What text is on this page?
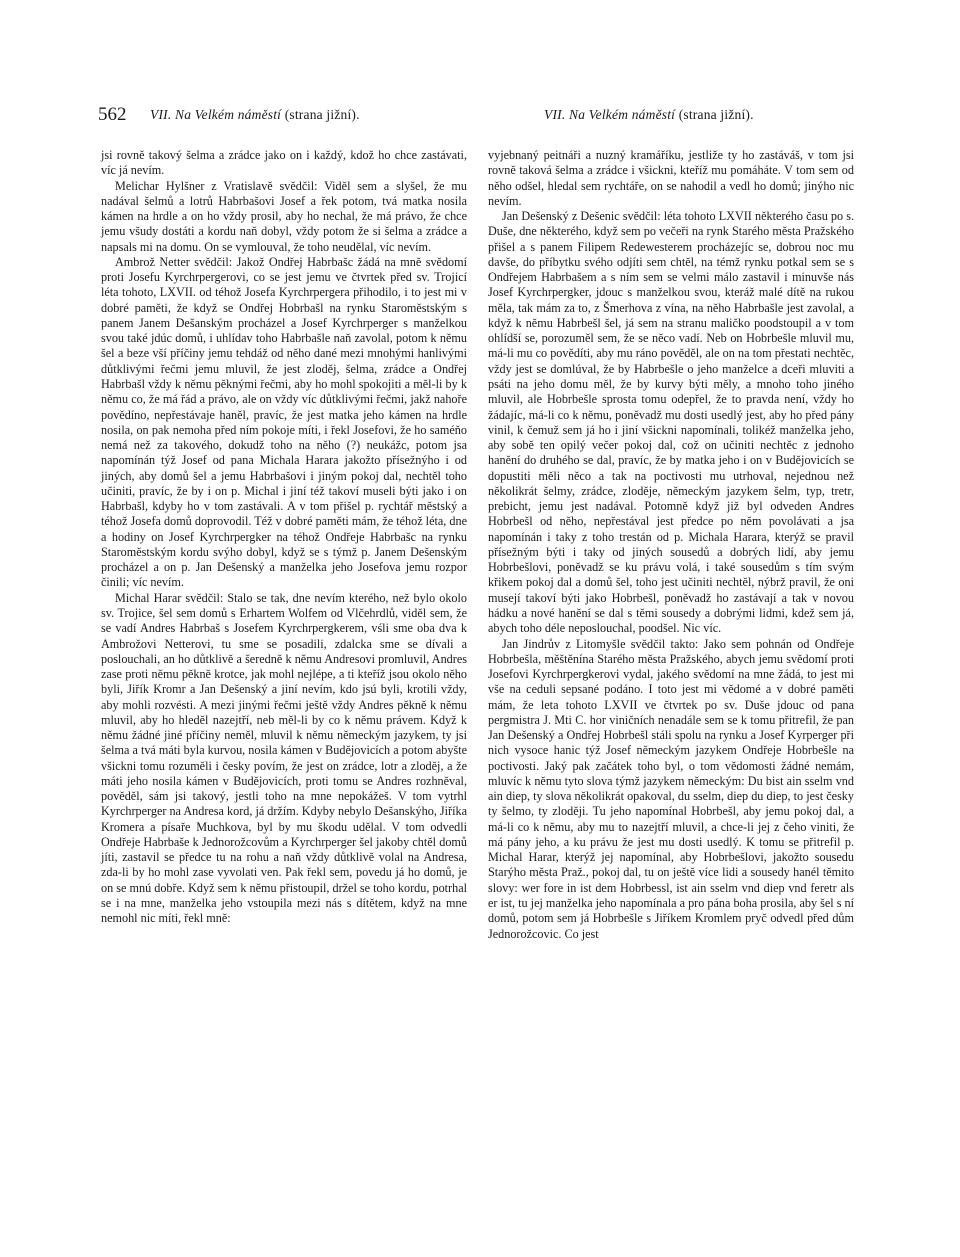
562 VII. Na Velkém náměstí (strana jižní).	VII. Na Velkém náměstí (strana jižní).

jsi rovně takový šelma a zrádce jako on i každý, kdož ho chce zastávati, víc já nevím.

Melichar Hylšner z Vratislavě svědčil: Viděl sem a slyšel, že mu nadával šelmů a lotrů Habrbašovi Josef a řek potom, tvá matka nosila kámen na hrdle a on ho vždy prosil, aby ho nechal, že má právo, že chce jemu všudy dostáti a kordu naň dobyl, vždy potom že si šelma a zrádce a napsals mi na domu. On se vymlouval, že toho neudělal, víc nevím.

Ambrož Netter svědčil: Jakož Ondřej Habrbašc žádá na mně svědomí proti Josefu Kyrchrpergerovi, co se jest jemu ve čtvrtek před sv. Trojicí léta tohoto, LXVII. od téhož Josefa Kyrchrpergera přihodilo, i to jest mi v dobré paměti, že když se Ondřej Hobrbašl na rynku Staroměstským s panem Janem Dešanským procházel a Josef Kyrchrperger s manželkou svou také jdúc domů, i uhlídav toho Habrbašle naň zavolal, potom k němu šel a beze vší příčiny jemu tehdáž od něho dané mezi mnohými hanlivými důtklivými řečmi jemu mluvil, že jest zloděj, šelma, zrádce a Ondřej Habrbašl vždy k němu pěknými řečmi, aby ho mohl spokojiti a měl-li by k němu co, že má řád a právo, ale on vždy víc důtklivými řečmi, jakž nahoře povědíno, nepřestávaje haněl, pravíc, že jest matka jeho kámen na hrdle nosila, on pak nemoha před ním pokoje míti, i řekl Josefovi, že ho saméňo nemá než za takového, dokudž toho na něho (?) neukážc, potom jsa napomínán týž Josef od pana Michala Harara jakožto přísežnýho i od jiných, aby domů šel a jemu Habrbašovi i jiným pokoj dal, nechtěl toho učiniti, pravíc, že by i on p. Michal i jiní též takoví museli býti jako i on Habrbašl, kdyby ho v tom zastávali. A v tom přišel p. rychtář městský a téhož Josefa domů doprovodil. Též v dobré paměti mám, že téhož léta, dne a hodiny on Josef Kyrchrpergker na téhož Ondřeje Habrbašc na rynku Staroměstským kordu svýho dobyl, když se s týmž p. Janem Dešenským procházel a on p. Jan Dešenský a manželka jeho Josefova jemu rozpor činili; víc nevím.

Michal Harar svědčil: Stalo se tak, dne nevím kterého, než bylo okolo sv. Trojice, šel sem domů s Erhartem Wolfem od Vlčehrdlů, viděl sem, že se vadí Andres Habrbaš s Josefem Kyrchrpergkerem, vśli sme oba dva k Ambrožovi Netterovi, tu sme se posadili, zdalcka sme se dívali a poslouchali, an ho důtklivě a šeredně k němu Andresovi promluvil, Andres zase proti němu pěkně krotce, jak mohl nejlépe, a ti kteříž jsou okolo něho byli, Jiřík Kromr a Jan Dešenský a jiní nevím, kdo jsú byli, krotili vždy, aby mohli rozvésti. A mezi jinými řečmi ještě vždy Andres pěkně k němu mluvil, aby ho hleděl nazejtří, neb měl-li by co k němu právem. Když k němu žádné jiné příčiny neměl, mluvil k němu německým jazykem, ty jsi šelma a tvá máti byla kurvou, nosila kámen v Budějovicích a potom abyšte všickni tomu rozuměli i česky povím, že jest on zrádce, lotr a zloděj, a že máti jeho nosila kámen v Budějovicích, proti tomu se Andres rozhněval, pověděl, sám jsi takový, jestli toho na mne nepokážeš. V tom vytrhl Kyrchrperger na Andresa kord, já držím. Kdyby nebylo Dešanskýho, Jiříka Kromera a písaře Muchkova, byl by mu škodu udělal. V tom odvedli Ondřeje Habrbaše k Jednorožcovům a Kyrchrperger šel jakoby chtěl domů jíti, zastavil se předce tu na rohu a naň vždy důtklivě volal na Andresa, zda-li by ho mohl zase vyvolati ven. Pak řekl sem, povedu já ho domů, je on se mnú dobře. Když sem k němu přistoupil, držel se toho kordu, potrhal se i na mne, manželka jeho vstoupila mezi nás s dítětem, když na mne nemohl nic míti, řekl mně:

vyjebnaný peitnáři a nuzný kramáříku, jestliže ty ho zastáváš, v tom jsi rovně taková šelma a zrádce i všickni, kteříž mu pomáháte. V tom sem od něho odšel, hledal sem rychtáře, on se nahodil a vedl ho domů; jinýho nic nevím.

Jan Dešenský z Dešenic svědčil: léta tohoto LXVII některého času po s. Duše, dne některého, když sem po večeři na rynk Starého města Pražského přišel a s panem Filipem Redewesterem procházejíc se, dobrou noc mu davše, do příbytku svého odjíti sem chtěl, na témž rynku potkal sem se s Ondřejem Habrbašem a s ním sem se velmi málo zastavil i minuvše nás Josef Kyrchrpergker, jdouc s manželkou svou, kteráž malé dítě na rukou měla, tak mám za to, z Šmerhova z vína, na něho Habrbašle jest zavolal, a když k němu Habrbešl šel, já sem na stranu maličko poodstoupil a v tom ohlídší se, porozuměl sem, že se něco vadí. Neb on Hobrbešle mluvil mu, má-li mu co povědíti, aby mu ráno pověděl, ale on na tom přestati nechtěc, vždy jest se domlúval, že by Habrbešle o jeho manželce a dceři mluviti a psáti na jeho domu měl, že by kurvy býti měly, a mnoho toho jiného mluvil, ale Hobrbešle sprosta tomu odepřel, že to pravda není, vždy ho žádajíc, má-li co k němu, poněvadž mu dosti usedlý jest, aby ho před pány vinil, k čemuž sem já ho i jiní všickni napomínali, tolikéž manželka jeho, aby sobě ten opilý večer pokoj dal, což on učiniti nechtěc z jednoho hanění do druhého se dal, pravíc, že by matka jeho i on v Budějovicích se dopustiti měli něco a tak na poctivosti mu utrhoval, nejednou než několikrát šelmy, zrádce, zloděje, německým jazykem šelm, typ, tretr, prebicht, jemu jest nadával. Potomně když již byl odveden Andres Hobrbešl od něho, nepřestával jest předce po něm povolávati a jsa napomínán i taky z toho trestán od p. Michala Harara, kterýž se pravil přísežným býti i taky od jiných sousedů a dobrých lidí, aby jemu Hobrbešlovi, poněvadž se ku právu volá, i také sousedům s tím svým křikem pokoj dal a domů šel, toho jest učiniti nechtěl, nýbrž pravil, že oni musejí takoví býti jako Hobrbešl, poněvadž ho zastávají a tak v novou hádku a nové hanění se dal s těmi sousedy a dobrými lidmi, kdež sem já, abych toho déle neposlouchal, poodšel. Nic víc.

Jan Jindrův z Litomyšle svědčil takto: Jako sem pohnán od Ondřeje Hobrbešla, měštěnína Starého města Pražského, abych jemu svědomí proti Josefovi Kyrchrpergkerovi vydal, jakého svědomí na mne žádá, to jest mi vše na ceduli sepsané podáno. I toto jest mi vědomé a v dobré paměti mám, že leta tohoto LXVII ve čtvrtek po sv. Duše jdouc od pana pergmistra J. Mti C. hor viničních nenadále sem se k tomu přitrefil, že pan Jan Dešenský a Ondřej Hobrbešl stáli spolu na rynku a Josef Kyrperger při nich vysoce hanic týž Josef německým jazykem Ondřeje Hobrbešle na poctivosti. Jaký pak začátek toho byl, o tom vědomosti žádné nemám, mluvíc k němu tyto slova týmž jazykem německým: Du bist ain sselm vnd ain diep, ty slova několikrát opakoval, du sselm, diep du diep, to jest česky ty šelmo, ty zloději. Tu jeho napomínal Hobrbešl, aby jemu pokoj dal, a má-li co k němu, aby mu to nazejtří mluvil, a chce-li jej z čeho viniti, že má pány jeho, a ku právu že jest mu dosti usedlý. K tomu se přitrefil p. Michal Harar, kterýž jej napomínal, aby Hobrbešlovi, jakožto sousedu Starýho města Praž., pokoj dal, tu on ještě více lidi a sousedy hanél těmito slovy: wer fore in ist dem Hobrbessl, ist ain sselm vnd diep vnd feretr als er ist, tu jej manželka jeho napomínala a pro pána boha prosila, aby šel s ní domů, potom sem já Hobrbešle s Jiříkem Kromlem pryč odvedl před dům Jednorožcovic. Co jest
